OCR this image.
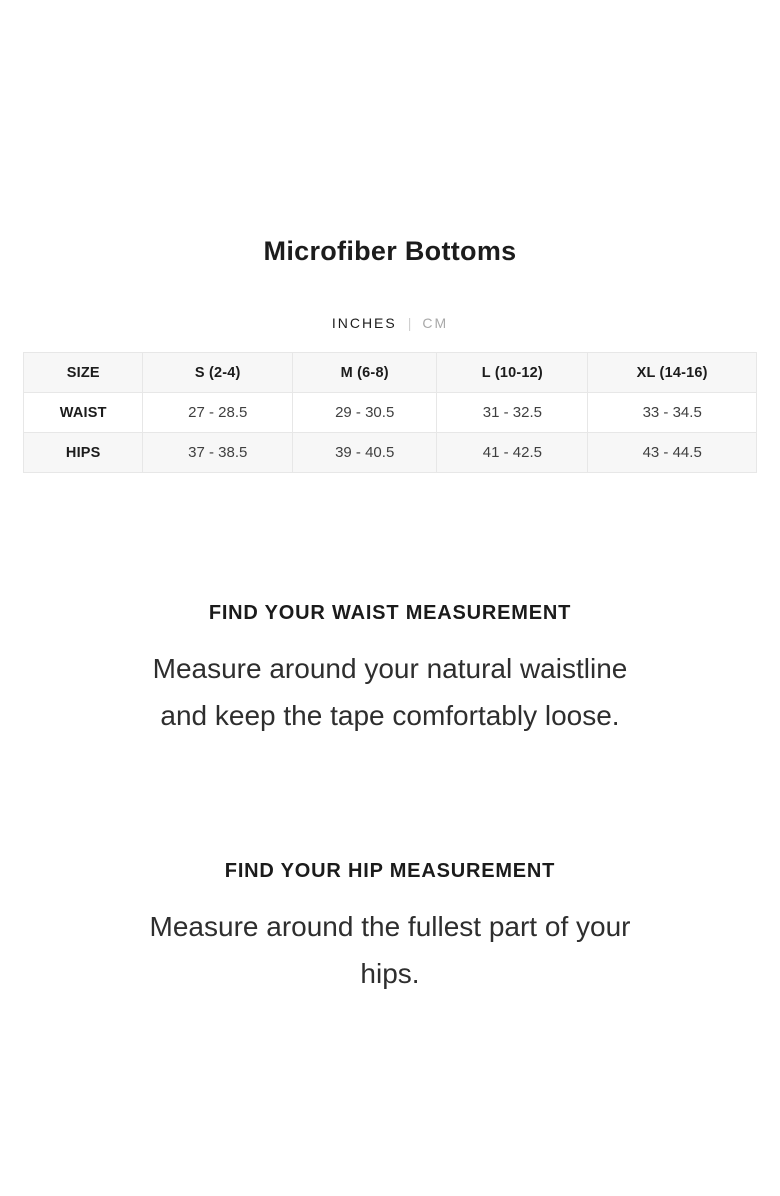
Microfiber Bottoms
INCHES | CM
SIZE	S (2-4)	M (6-8)	L (10-12)	XL (14-16)
WAIST	27 - 28.5	29 - 30.5	31 - 32.5	33 - 34.5
HIPS	37 - 38.5	39 - 40.5	41 - 42.5	43 - 44.5
FIND YOUR WAIST MEASUREMENT

Measure around your natural waistline
and keep the tape comfortably loose.

FIND YOUR HIP MEASUREMENT

Measure around the fullest part of your
hips.
